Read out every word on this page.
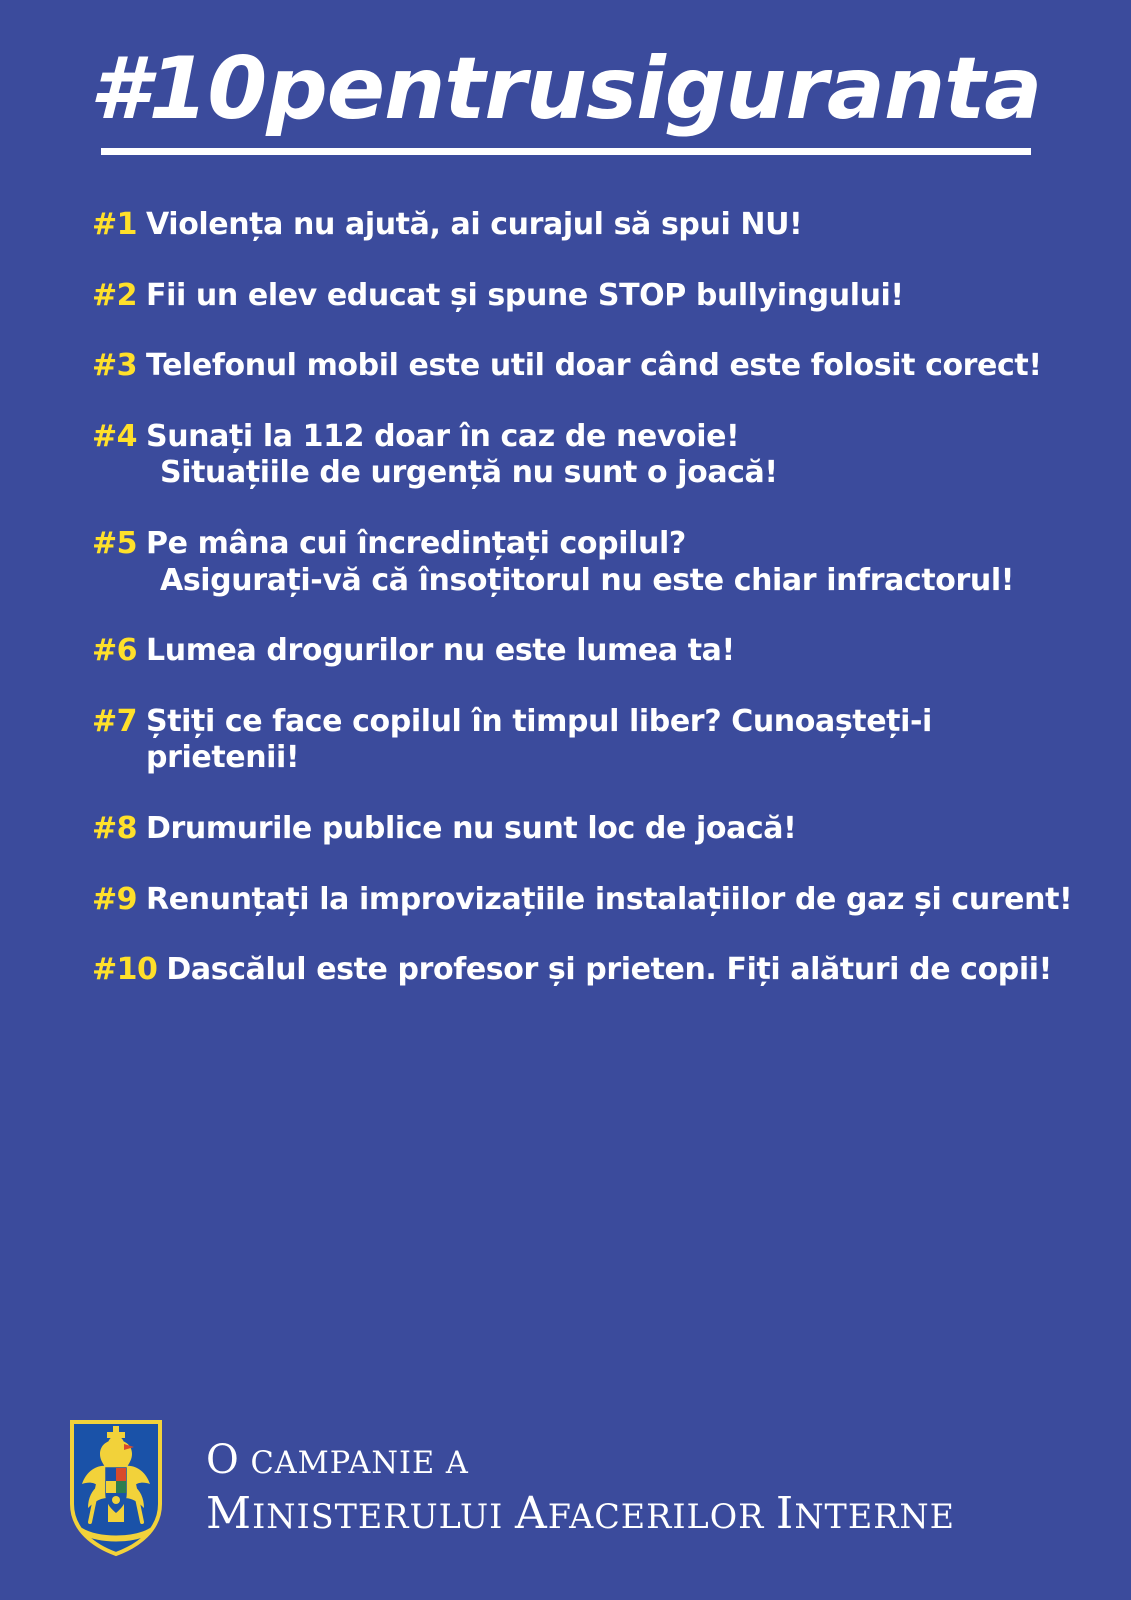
#10pentrusiguranta
#1 Violența nu ajută, ai curajul să spui NU!
#2 Fii un elev educat și spune STOP bullyingului!
#3 Telefonul mobil este util doar când este folosit corect!
#4 Sunați la 112 doar în caz de nevoie!
Situațiile de urgență nu sunt o joacă!
#5 Pe mâna cui încredințați copilul?
Asigurați-vă că însoțitorul nu este chiar infractorul!
#6 Lumea drogurilor nu este lumea ta!
#7 Știți ce face copilul în timpul liber? Cunoașteți-i prietenii!
#8 Drumurile publice nu sunt loc de joacă!
#9 Renunțați la improvizațiile instalațiilor de gaz și curent!
#10 Dascălul este profesor și prieten. Fiți alături de copii!
O CAMPANIE A
MINISTERULUI AFACERILOR INTERNE
